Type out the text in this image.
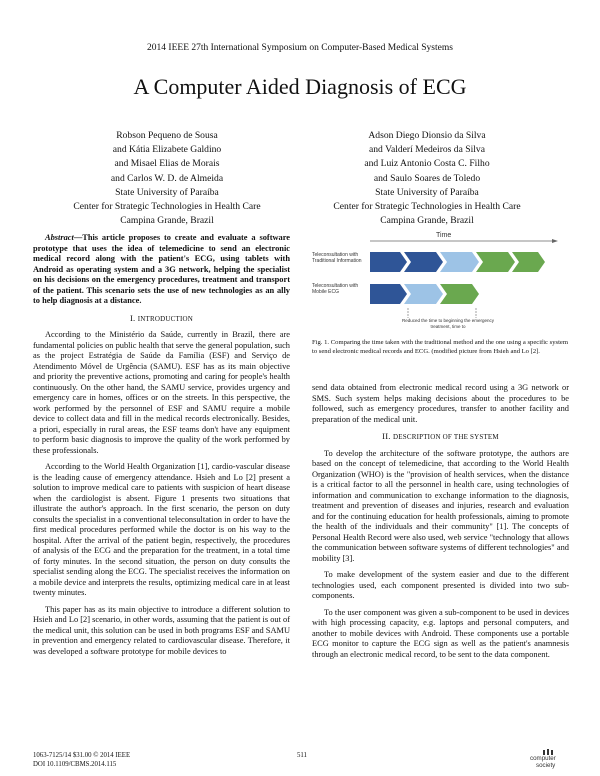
2014 IEEE 27th International Symposium on Computer-Based Medical Systems
A Computer Aided Diagnosis of ECG
Robson Pequeno de Sousa
and Kátia Elizabete Galdino
and Misael Elias de Morais
and Carlos W. D. de Almeida
State University of Paraíba
Center for Strategic Technologies in Health Care
Campina Grande, Brazil
Adson Diego Dionsio da Silva
and Valderí Medeiros da Silva
and Luiz Antonio Costa C. Filho
and Saulo Soares de Toledo
State University of Paraíba
Center for Strategic Technologies in Health Care
Campina Grande, Brazil

Abstract—This article proposes to create and evaluate a software prototype that uses the idea of telemedicine to send an electronic medical record along with the patient's ECG, using tablets with Android as operating system and a 3G network, helping the specialist on his decisions on the emergency procedures, treatment and transport of the patient. This scenario sets the use of new technologies as an ally to help diagnosis at a distance.

I. INTRODUCTION

According to the Ministério da Saúde, currently in Brazil, there are fundamental policies on public health that serve the general population, such as the project Estratégia de Saúde da Família (ESF) and Serviço de Atendimento Móvel de Urgência (SAMU). ESF has as its main objective and priority the preventive actions, promoting and caring for people's health continuously. On the other hand, the SAMU service, provides urgency and emergency care in homes, offices or on the streets. In this perspective, the work performed by the personnel of ESF and SAMU require a mobile device to collect data and fill in the medical records electronically. Besides, a priori, especially in rural areas, the ESF teams don't have any equipment to perform basic diagnosis to improve the quality of the work performed by these professionals.

According to the World Health Organization [1], cardio-vascular disease is the leading cause of emergency attendance. Hsieh and Lo [2] present a solution to improve medical care to patients with suspicion of heart disease when the cardiologist is absent. Figure 1 presents two situations that illustrate the author's approach. In the first scenario, the person on duty consults the specialist in a conventional teleconsultation in order to have the first medical procedures performed while the doctor is on his way to the hospital. After the arrival of the patient begin, respectively, the procedures of analysis of the ECG and the preparation for the treatment, in a total time of forty minutes. In the second situation, the person on duty consults the specialist sending along the ECG. The specialist receives the information on a mobile device and interprets the results, optimizing medical care in at least twenty minutes.

This paper has as its main objective to introduce a different solution to Hsieh and Lo [2] scenario, in other words, assuming that the patient is out of the medical unit, this solution can be used in both programs ESF and SAMU in prevention and emergency related to cardiovascular disease. Therefore, it was developed a software prototype for mobile devices to

Time
Teleconsultation with Traditional Information
Teleconsultation with Mobile ECG
Reduced the time to beginning the emergency treatment, time to
Fig. 1. Comparing the time taken with the traditional method and the one using a specific system to send electronic medical records and ECG. (modified picture from Hsieh and Lo [2].

send data obtained from electronic medical record using a 3G network or SMS. Such system helps making decisions about the procedures to be followed, such as emergency procedures, transfer to another facility and preparation of the medical unit.

II. DESCRIPTION OF THE SYSTEM

To develop the architecture of the software prototype, the authors are based on the concept of telemedicine, that according to the World Health Organization (WHO) is the "provision of health services, when the distance is a critical factor to all the personnel in health care, using technologies of information and communication to exchange information to the diagnosis, treatment and prevention of diseases and injuries, research and evaluation and for the continuing education for health professionals, aiming to promote the health of the individuals and their community" [1]. The concepts of Personal Health Record were also used, web service "technology that allows the communication between software systems of different technologies" and mobility [3].

To make development of the system easier and due to the different technologies used, each component presented is divided into two sub-components.

To the user component was given a sub-component to be used in devices with high processing capacity, e.g. laptops and personal computers, and another to mobile devices with Android. These components use a portable ECG monitor to capture the ECG sign as well as the patient's anamnesis through an electronic medical record, to be sent to the data component.

1063-7125/14 $31.00 © 2014 IEEE
DOI 10.1109/CBMS.2014.115
511	computer
society
